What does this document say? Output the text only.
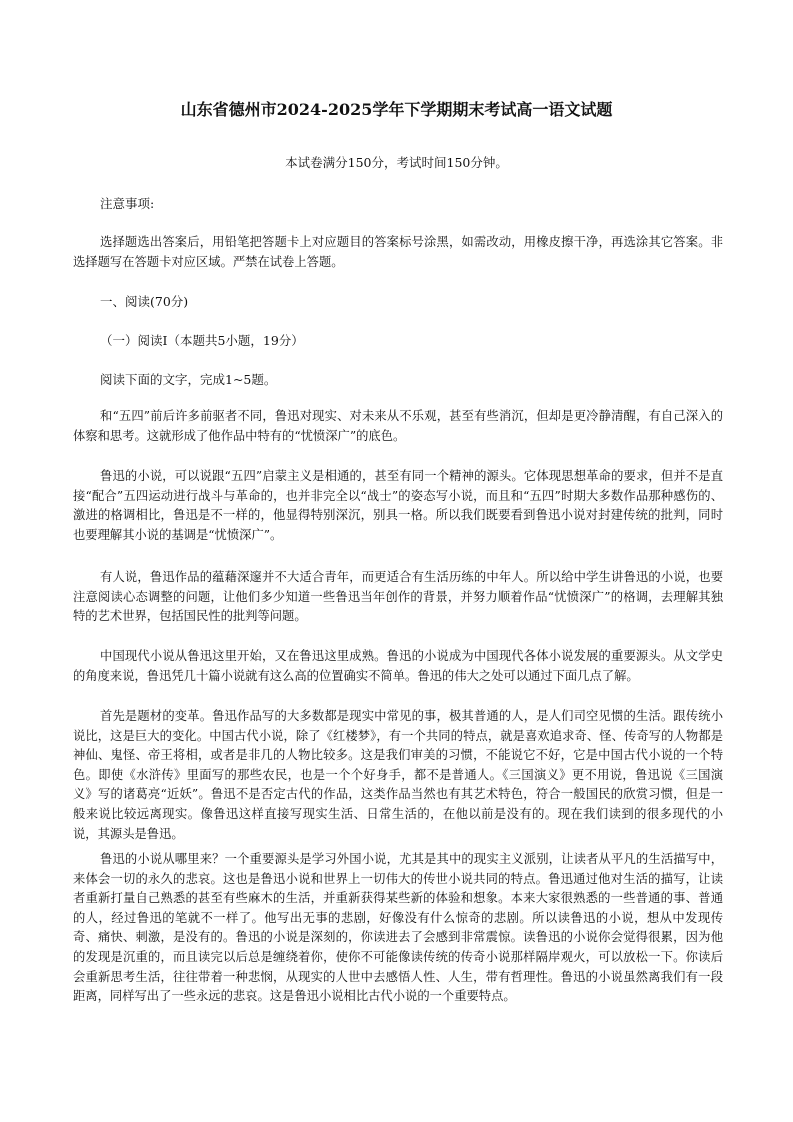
山东省德州市2024-2025学年下学期期末考试高一语文试题
本试卷满分150分，考试时间150分钟。
注意事项:

选择题选出答案后，用铅笔把答题卡上对应题目的答案标号涂黑，如需改动，用橡皮擦干净，再选涂其它答案。非选择题写在答题卡对应区域。严禁在试卷上答题。

一、阅读(70分)
（一）阅读Ⅰ（本题共5小题，19分）
阅读下面的文字，完成1~5题。

和“五四”前后许多前驱者不同，鲁迅对现实、对未来从不乐观，甚至有些消沉，但却是更冷静清醒，有自己深入的体察和思考。这就形成了他作品中特有的“忧愤深广”的底色。

鲁迅的小说，可以说跟“五四”启蒙主义是相通的，甚至有同一个精神的源头。它体现思想革命的要求，但并不是直接“配合”五四运动进行战斗与革命的，也并非完全以“战士”的姿态写小说，而且和“五四”时期大多数作品那种感伤的、激进的格调相比，鲁迅是不一样的，他显得特别深沉，别具一格。所以我们既要看到鲁迅小说对封建传统的批判，同时也要理解其小说的基调是“忧愤深广”。

有人说，鲁迅作品的蕴藉深邃并不大适合青年，而更适合有生活历练的中年人。所以给中学生讲鲁迅的小说，也要注意阅读心态调整的问题，让他们多少知道一些鲁迅当年创作的背景，并努力顺着作品“忧愤深广”的格调，去理解其独特的艺术世界，包括国民性的批判等问题。

中国现代小说从鲁迅这里开始，又在鲁迅这里成熟。鲁迅的小说成为中国现代各体小说发展的重要源头。从文学史的角度来说，鲁迅凭几十篇小说就有这么高的位置确实不简单。鲁迅的伟大之处可以通过下面几点了解。

首先是题材的变革。鲁迅作品写的大多数都是现实中常见的事，极其普通的人，是人们司空见惯的生活。跟传统小说比，这是巨大的变化。中国古代小说，除了《红楼梦》，有一个共同的特点，就是喜欢追求奇、怪、传奇写的人物都是神仙、鬼怪、帝王将相，或者是非几的人物比较多。这是我们审美的习惯，不能说它不好，它是中国古代小说的一个特色。即使《水浒传》里面写的那些农民，也是一个个好身手，都不是普通人。《三国演义》更不用说，鲁迅说《三国演义》写的诸葛亮“近妖”。鲁迅不是否定古代的作品，这类作品当然也有其艺术特色，符合一般国民的欣赏习惯，但是一般来说比较远离现实。像鲁迅这样直接写现实生活、日常生活的，在他以前是没有的。现在我们读到的很多现代的小说，其源头是鲁迅。

鲁迅的小说从哪里来？一个重要源头是学习外国小说，尤其是其中的现实主义派别，让读者从平凡的生活描写中，来体会一切的永久的悲哀。这也是鲁迅小说和世界上一切伟大的传世小说共同的特点。鲁迅通过他对生活的描写，让读者重新打量自己熟悉的甚至有些麻木的生活，并重新获得某些新的体验和想象。本来大家很熟悉的一些普通的事、普通的人，经过鲁迅的笔就不一样了。他写出无事的悲剧，好像没有什么惊奇的悲剧。所以读鲁迅的小说，想从中发现传奇、痛快、刺激，是没有的。鲁迅的小说是深刻的，你读进去了会感到非常震惊。读鲁迅的小说你会觉得很累，因为他的发现是沉重的，而且读完以后总是缠绕着你，使你不可能像读传统的传奇小说那样隔岸观火，可以放松一下。你读后会重新思考生活，往往带着一种悲悯，从现实的人世中去感悟人性、人生，带有哲理性。鲁迅的小说虽然离我们有一段距离，同样写出了一些永远的悲哀。这是鲁迅小说相比古代小说的一个重要特点。
